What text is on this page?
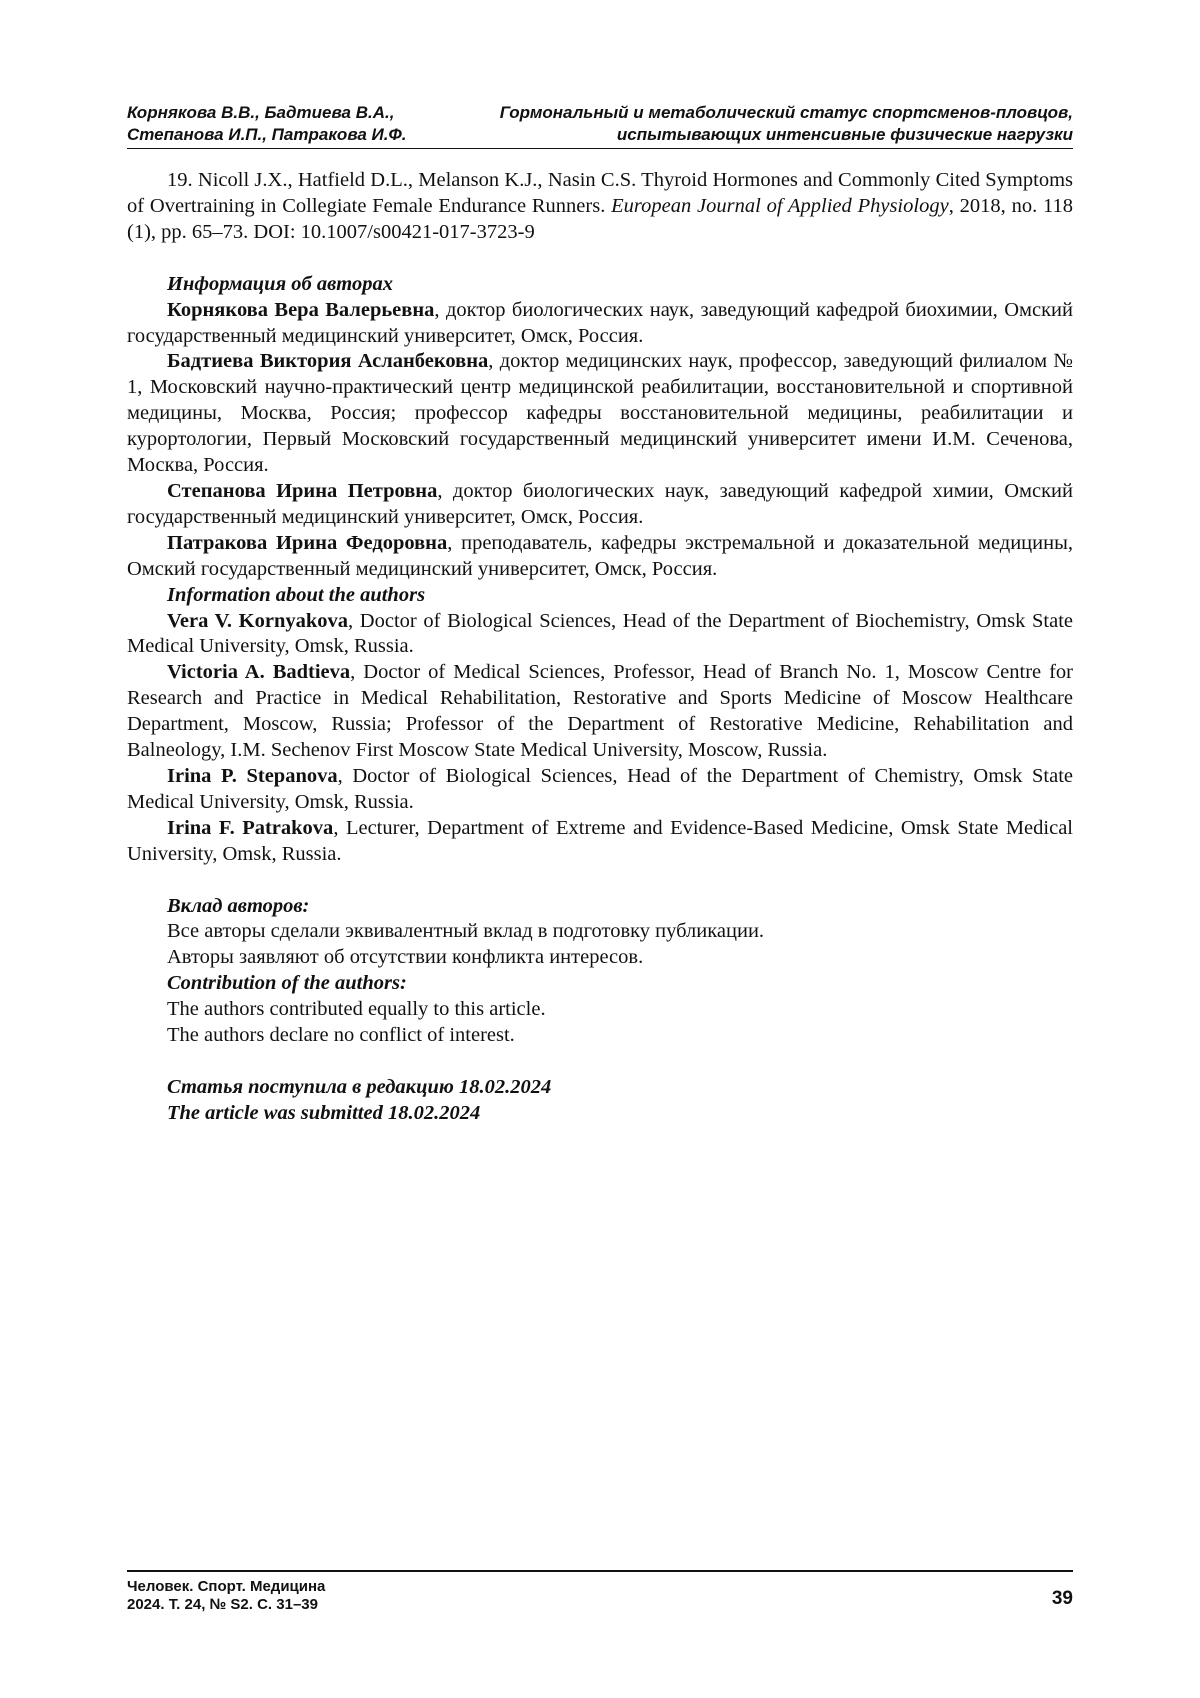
Корнякова В.В., Бадтиева В.А.,
Степанова И.П., Патракова И.Ф.
Гормональный и метаболический статус спортсменов-пловцов,
испытывающих интенсивные физические нагрузки

19. Nicoll J.X., Hatfield D.L., Melanson K.J., Nasin C.S. Thyroid Hormones and Commonly Cited Symptoms of Overtraining in Collegiate Female Endurance Runners. European Journal of Applied Physiology, 2018, no. 118 (1), pp. 65–73. DOI: 10.1007/s00421-017-3723-9

Информация об авторах

Корнякова Вера Валерьевна, доктор биологических наук, заведующий кафедрой биохимии, Омский государственный медицинский университет, Омск, Россия.

Бадтиева Виктория Асланбековна, доктор медицинских наук, профессор, заведующий филиалом № 1, Московский научно-практический центр медицинской реабилитации, восстановительной и спортивной медицины, Москва, Россия; профессор кафедры восстановительной медицины, реабилитации и курортологии, Первый Московский государственный медицинский университет имени И.М. Сеченова, Москва, Россия.

Степанова Ирина Петровна, доктор биологических наук, заведующий кафедрой химии, Омский государственный медицинский университет, Омск, Россия.

Патракова Ирина Федоровна, преподаватель, кафедры экстремальной и доказательной медицины, Омский государственный медицинский университет, Омск, Россия.

Information about the authors

Vera V. Kornyakova, Doctor of Biological Sciences, Head of the Department of Biochemistry, Omsk State Medical University, Omsk, Russia.

Victoria A. Badtieva, Doctor of Medical Sciences, Professor, Head of Branch No. 1, Moscow Centre for Research and Practice in Medical Rehabilitation, Restorative and Sports Medicine of Moscow Healthcare Department, Moscow, Russia; Professor of the Department of Restorative Medicine, Rehabilitation and Balneology, I.M. Sechenov First Moscow State Medical University, Moscow, Russia.

Irina P. Stepanova, Doctor of Biological Sciences, Head of the Department of Chemistry, Omsk State Medical University, Omsk, Russia.

Irina F. Patrakova, Lecturer, Department of Extreme and Evidence-Based Medicine, Omsk State Medical University, Omsk, Russia.

Вклад авторов:

Все авторы сделали эквивалентный вклад в подготовку публикации.

Авторы заявляют об отсутствии конфликта интересов.

Contribution of the authors:

The authors contributed equally to this article.

The authors declare no conflict of interest.

Статья поступила в редакцию 18.02.2024

The article was submitted 18.02.2024

Человек. Спорт. Медицина
2024. Т. 24, № S2. С. 31–39	39
